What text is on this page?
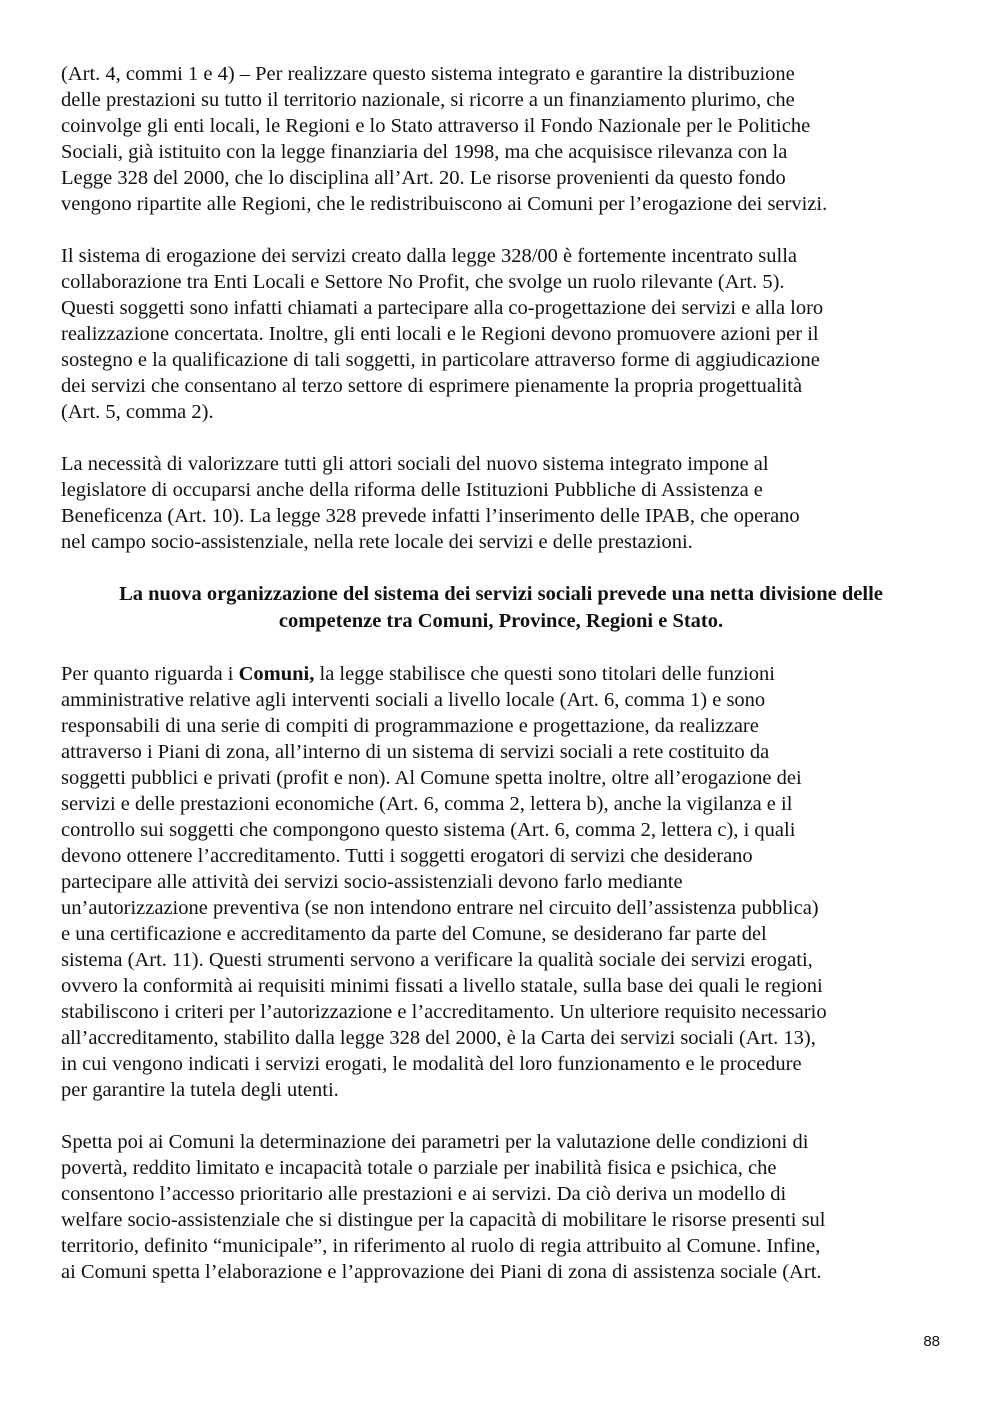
(Art. 4, commi 1 e 4) – Per realizzare questo sistema integrato e garantire la distribuzione
delle prestazioni su tutto il territorio nazionale, si ricorre a un finanziamento plurimo, che
coinvolge gli enti locali, le Regioni e lo Stato attraverso il Fondo Nazionale per le Politiche
Sociali, già istituito con la legge finanziaria del 1998, ma che acquisisce rilevanza con la
Legge 328 del 2000, che lo disciplina all’Art. 20. Le risorse provenienti da questo fondo
vengono ripartite alle Regioni, che le redistribuiscono ai Comuni per l’erogazione dei servizi.

Il sistema di erogazione dei servizi creato dalla legge 328/00 è fortemente incentrato sulla
collaborazione tra Enti Locali e Settore No Profit, che svolge un ruolo rilevante (Art. 5).
Questi soggetti sono infatti chiamati a partecipare alla co-progettazione dei servizi e alla loro
realizzazione concertata. Inoltre, gli enti locali e le Regioni devono promuovere azioni per il
sostegno e la qualificazione di tali soggetti, in particolare attraverso forme di aggiudicazione
dei servizi che consentano al terzo settore di esprimere pienamente la propria progettualità
(Art. 5, comma 2).

La necessità di valorizzare tutti gli attori sociali del nuovo sistema integrato impone al
legislatore di occuparsi anche della riforma delle Istituzioni Pubbliche di Assistenza e
Beneficenza (Art. 10). La legge 328 prevede infatti l’inserimento delle IPAB, che operano
nel campo socio-assistenziale, nella rete locale dei servizi e delle prestazioni.

La nuova organizzazione del sistema dei servizi sociali prevede una netta divisione delle
competenze tra Comuni, Province, Regioni e Stato.

Per quanto riguarda i Comuni, la legge stabilisce che questi sono titolari delle funzioni
amministrative relative agli interventi sociali a livello locale (Art. 6, comma 1) e sono
responsabili di una serie di compiti di programmazione e progettazione, da realizzare
attraverso i Piani di zona, all’interno di un sistema di servizi sociali a rete costituito da
soggetti pubblici e privati (profit e non). Al Comune spetta inoltre, oltre all’erogazione dei
servizi e delle prestazioni economiche (Art. 6, comma 2, lettera b), anche la vigilanza e il
controllo sui soggetti che compongono questo sistema (Art. 6, comma 2, lettera c), i quali
devono ottenere l’accreditamento. Tutti i soggetti erogatori di servizi che desiderano
partecipare alle attività dei servizi socio-assistenziali devono farlo mediante
un’autorizzazione preventiva (se non intendono entrare nel circuito dell’assistenza pubblica)
e una certificazione e accreditamento da parte del Comune, se desiderano far parte del
sistema (Art. 11). Questi strumenti servono a verificare la qualità sociale dei servizi erogati,
ovvero la conformità ai requisiti minimi fissati a livello statale, sulla base dei quali le regioni
stabiliscono i criteri per l’autorizzazione e l’accreditamento. Un ulteriore requisito necessario
all’accreditamento, stabilito dalla legge 328 del 2000, è la Carta dei servizi sociali (Art. 13),
in cui vengono indicati i servizi erogati, le modalità del loro funzionamento e le procedure
per garantire la tutela degli utenti.

Spetta poi ai Comuni la determinazione dei parametri per la valutazione delle condizioni di
povertà, reddito limitato e incapacità totale o parziale per inabilità fisica e psichica, che
consentono l’accesso prioritario alle prestazioni e ai servizi. Da ciò deriva un modello di
welfare socio-assistenziale che si distingue per la capacità di mobilitare le risorse presenti sul
territorio, definito “municipale”, in riferimento al ruolo di regia attribuito al Comune. Infine,
ai Comuni spetta l’elaborazione e l’approvazione dei Piani di zona di assistenza sociale (Art.

88
